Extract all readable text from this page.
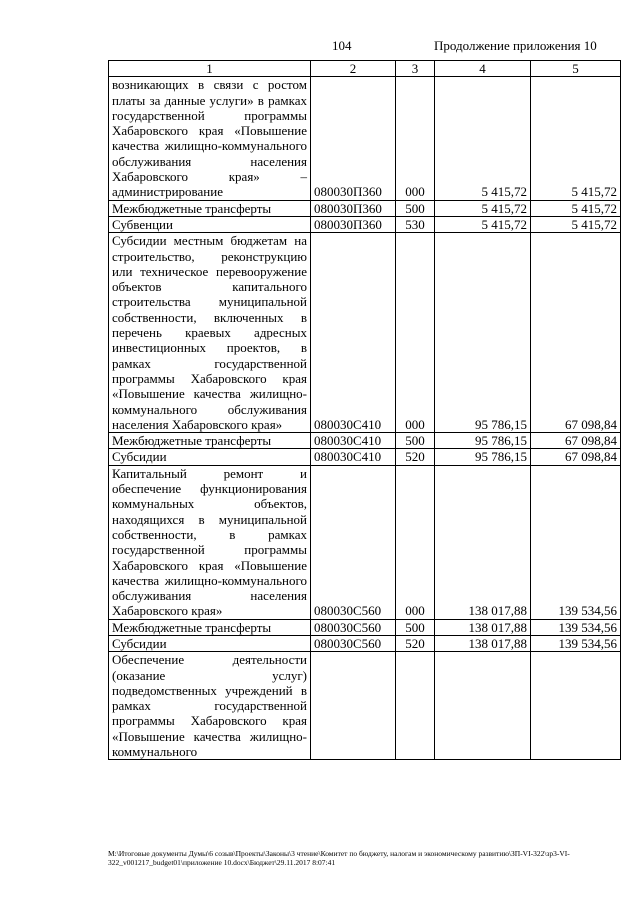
104	Продолжение приложения 10
1	2	3	4	5
возникающих в связи с ростом платы за данные услуги» в рамках государственной программы Хабаровского края «Повышение качества жилищно-коммунального обслуживания населения Хабаровского края» – администрирование	080030П360	000	5 415,72	5 415,72
Межбюджетные трансферты	080030П360	500	5 415,72	5 415,72
Субвенции	080030П360	530	5 415,72	5 415,72
Субсидии местным бюджетам на строительство, реконструкцию или техническое перевооружение объектов капитального строительства муниципальной собственности, включенных в перечень краевых адресных инвестиционных проектов, в рамках государственной программы Хабаровского края «Повышение качества жилищно-коммунального обслуживания населения Хабаровского края»	080030С410	000	95 786,15	67 098,84
Межбюджетные трансферты	080030С410	500	95 786,15	67 098,84
Субсидии	080030С410	520	95 786,15	67 098,84
Капитальный ремонт и обеспечение функционирования коммунальных объектов, находящихся в муниципальной собственности, в рамках государственной программы Хабаровского края «Повышение качества жилищно-коммунального обслуживания населения Хабаровского края»	080030С560	000	138 017,88	139 534,56
Межбюджетные трансферты	080030С560	500	138 017,88	139 534,56
Субсидии	080030С560	520	138 017,88	139 534,56
Обеспечение деятельности (оказание услуг) подведомственных учреждений в рамках государственной программы Хабаровского края «Повышение качества жилищно-коммунального				
M:\Итоговые документы Думы\6 созыв\Проекты\Законы\3 чтение\Комитет по бюджету, налогам и экономическому развитию\ЗП-VI-322\зр3-VI-322_v001217_budget01\приложение 10.docx\Бюджет\29.11.2017 8:07:41
